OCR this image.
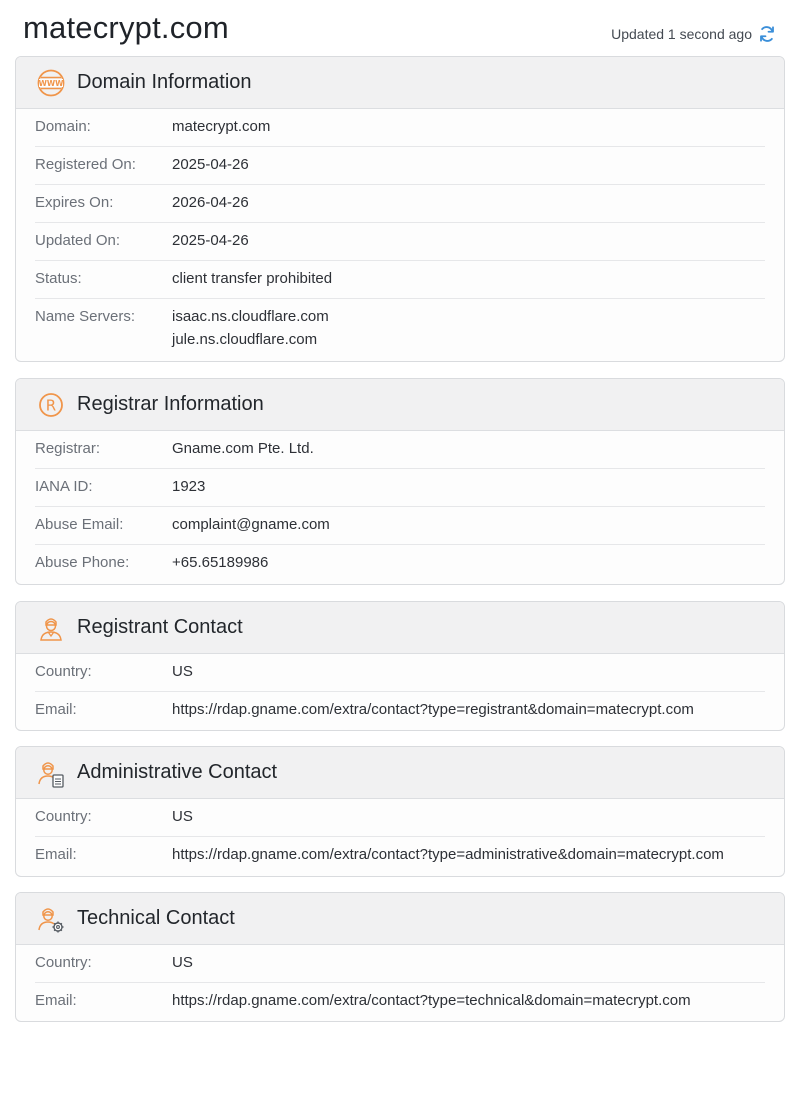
matecrypt.com	Updated 1 second ago
WWW Domain Information
Domain:	matecrypt.com
Registered On:	2025-04-26
Expires On:	2026-04-26
Updated On:	2025-04-26
Status:	client transfer prohibited
Name Servers:	isaac.ns.cloudflare.com
jule.ns.cloudflare.com
R Registrar Information
Registrar:	Gname.com Pte. Ltd.
IANA ID:	1923
Abuse Email:	complaint@gname.com
Abuse Phone:	+65.65189986
Registrant Contact
Country:	US
Email:	https://rdap.gname.com/extra/contact?type=registrant&domain=matecrypt.com
Administrative Contact
Country:	US
Email:	https://rdap.gname.com/extra/contact?type=administrative&domain=matecrypt.com
Technical Contact
Country:	US
Email:	https://rdap.gname.com/extra/contact?type=technical&domain=matecrypt.com
